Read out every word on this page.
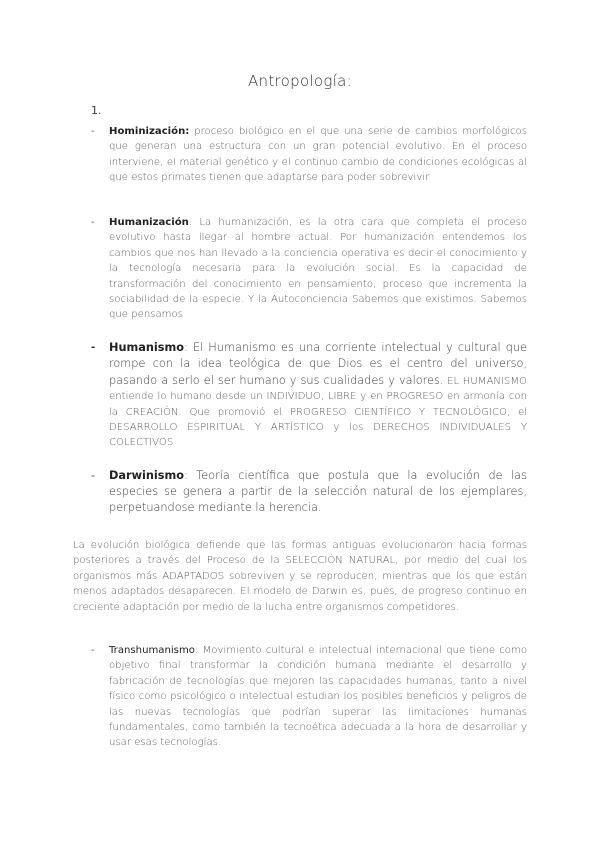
Antropología:
1.
-	Hominización: proceso biológico en el que una serie de cambios morfológicos que generan una estructura con un gran potencial evolutivo. En el proceso interviene, el material genético y el continuo cambio de condiciones ecológicas al que estos primates tienen que adaptarse para poder sobrevivir
-	Humanización: La humanización, es la otra cara que completa el proceso evolutivo hasta llegar al hombre actual. Por humanización entendemos los cambios que nos han llevado a la conciencia operativa es decir el conocimiento y la tecnología necesaria para la evolución social. Es la capacidad de transformación del conocimiento en pensamiento, proceso que incrementa la sociabilidad de la especie. Y la Autoconciencia Sabemos que existimos. Sabemos que pensamos
-	Humanismo: El Humanismo es una corriente intelectual y cultural que rompe con la idea teológica de que Dios es el centro del universo, pasando a serlo el ser humano y sus cualidades y valores. EL HUMANISMO entiende lo humano desde un INDIVIDUO, LIBRE y en PROGRESO en armonía con la CREACIÓN. Que promovió el PROGRESO CIENTÍFICO Y TECNOLÓGICO, el DESARROLLO ESPIRITUAL Y ARTÍSTICO y los DERECHOS INDIVIDUALES Y COLECTIVOS
-	Darwinismo: Teoría científica que postula que la evolución de las especies se genera a partir de la selección natural de los ejemplares, perpetuandose mediante la herencia.
La evolución biológica defiende que las formas antiguas evolucionaron hacia formas posteriores a través del Proceso de la SELECCIÓN NATURAL, por medio del cual los organismos más ADAPTADOS sobreviven y se reproducen, mientras que los que están menos adaptados desaparecen. El modelo de Darwin es, pues, de progreso continuo en creciente adaptación por medio de la lucha entre organismos competidores.
-	Transhumanismo: Movimiento cultural e intelectual internacional que tiene como objetivo final transformar la condición humana mediante el desarrollo y fabricación de tecnologías que mejoren las capacidades humanas, tanto a nivel físico como psicológico o intelectual estudian los posibles beneficios y peligros de las nuevas tecnologías que podrían superar las limitaciones humanas fundamentales, como también la tecnoética adecuada a la hora de desarrollar y usar esas tecnologías.
